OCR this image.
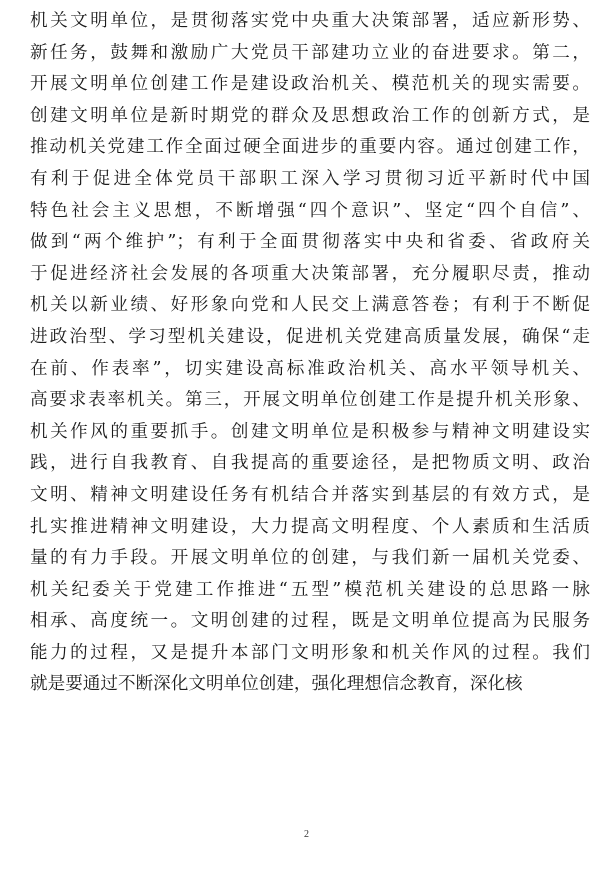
机关文明单位，是贯彻落实党中央重大决策部署，适应新形势、
新任务，鼓舞和激励广大党员干部建功立业的奋进要求。第二，
开展文明单位创建工作是建设政治机关、模范机关的现实需要。
创建文明单位是新时期党的群众及思想政治工作的创新方式，是
推动机关党建工作全面过硬全面进步的重要内容。通过创建工作，
有利于促进全体党员干部职工深入学习贯彻习近平新时代中国
特色社会主义思想，不断增强“四个意识”、坚定“四个自信”、
做到“两个维护”；有利于全面贯彻落实中央和省委、省政府关
于促进经济社会发展的各项重大决策部署，充分履职尽责，推动
机关以新业绩、好形象向党和人民交上满意答卷；有利于不断促
进政治型、学习型机关建设，促进机关党建高质量发展，确保“走
在前、作表率”，切实建设高标准政治机关、高水平领导机关、
高要求表率机关。第三，开展文明单位创建工作是提升机关形象、
机关作风的重要抓手。创建文明单位是积极参与精神文明建设实
践，进行自我教育、自我提高的重要途径，是把物质文明、政治
文明、精神文明建设任务有机结合并落实到基层的有效方式，是
扎实推进精神文明建设，大力提高文明程度、个人素质和生活质
量的有力手段。开展文明单位的创建，与我们新一届机关党委、
机关纪委关于党建工作推进“五型”模范机关建设的总思路一脉
相承、高度统一。文明创建的过程，既是文明单位提高为民服务
能力的过程，又是提升本部门文明形象和机关作风的过程。我们
就是要通过不断深化文明单位创建，强化理想信念教育，深化核
2
